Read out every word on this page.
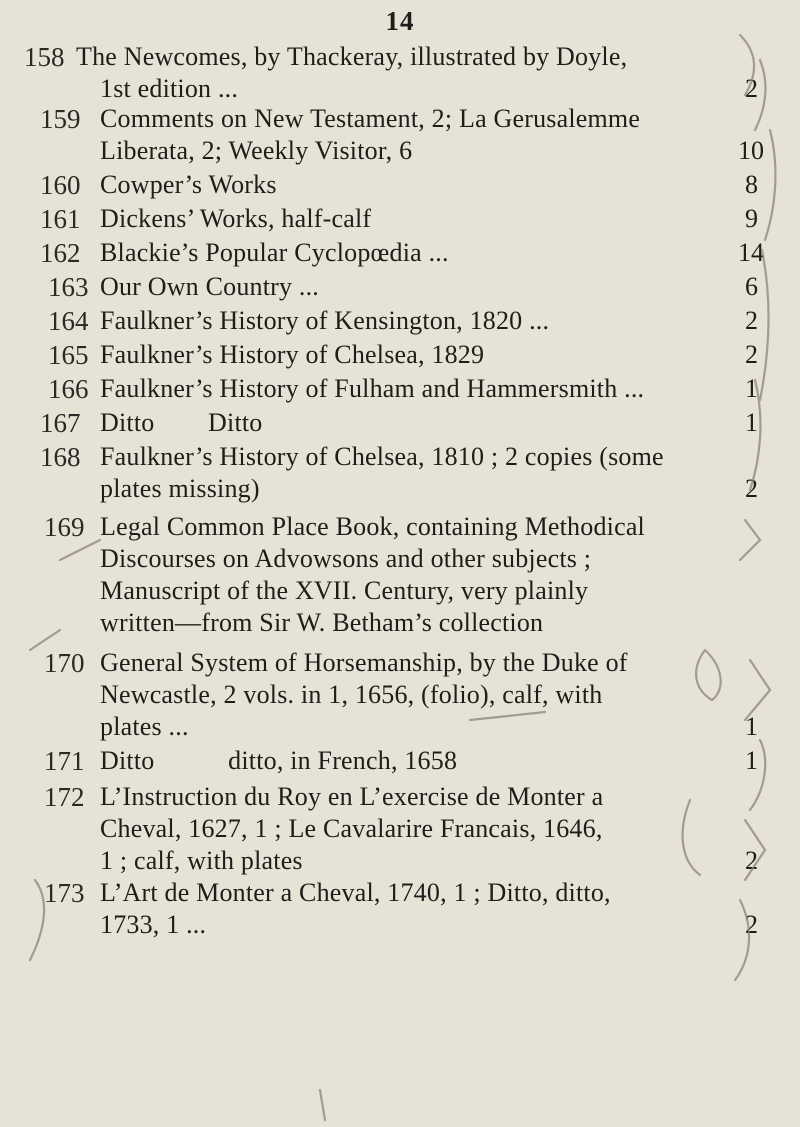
14
158 The Newcomes, by Thackeray, illustrated by Doyle,
1st edition ...	2
159 Comments on New Testament, 2; La Gerusalemme
Liberata, 2; Weekly Visitor, 6	10
160 Cowper’s Works	8
161 Dickens’ Works, half-calf	9
162 Blackie’s Popular Cyclopœdia ...	14
163 Our Own Country ...	6
164 Faulkner’s History of Kensington, 1820 ...	2
165 Faulkner’s History of Chelsea, 1829	2
166 Faulkner’s History of Fulham and Hammersmith ...	1
167 Ditto        Ditto	1
168 Faulkner’s History of Chelsea, 1810 ; 2 copies (some
plates missing)	2
169 Legal Common Place Book, containing Methodical
Discourses on Advowsons and other subjects ;
Manuscript of the XVII. Century, very plainly
written—from Sir W. Betham’s collection
170 General System of Horsemanship, by the Duke of
Newcastle, 2 vols. in 1, 1656, (folio), calf, with
plates ...	1
171 Ditto           ditto, in French, 1658	1
172 L’Instruction du Roy en L’exercise de Monter a
Cheval, 1627, 1 ; Le Cavalarire Francais, 1646,
1 ; calf, with plates	2
173 L’Art de Monter a Cheval, 1740, 1 ; Ditto, ditto,
1733, 1 ...	2
